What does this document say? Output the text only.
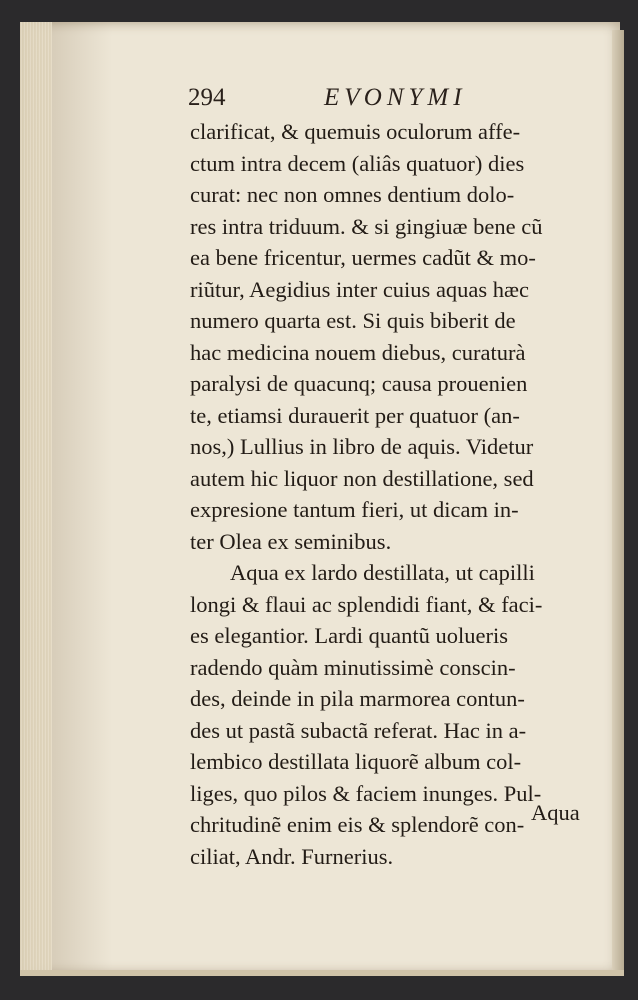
294	EVONYMI
clarificat, & quemuis oculorum affe-
ctum intra decem (aliâs quatuor) dies
curat: nec non omnes dentium dolo-
res intra triduum. & si gingiuæ bene cũ
ea bene fricentur, uermes cadũt & mo-
riũtur, Aegidius inter cuius aquas hæc
numero quarta est. Si quis biberit de
hac medicina nouem diebus, curaturà
paralysi de quacunq; causa prouenien
te, etiamsi durauerit per quatuor (an-
nos,) Lullius in libro de aquis. Videtur
autem hic liquor non destillatione, sed
expresione tantum fieri, ut dicam in-
ter Olea ex seminibus.
Aqua ex lardo destillata, ut capilli
longi & flaui ac splendidi fiant, & faci-
es elegantior. Lardi quantũ uolueris
radendo quàm minutissimè conscin-
des, deinde in pila marmorea contun-
des ut pastã subactã referat. Hac in a-
lembico destillata liquorẽ album col-
liges, quo pilos & faciem inunges. Pul-
chritudinẽ enim eis & splendorẽ con-
ciliat, Andr. Furnerius.
Aqua
